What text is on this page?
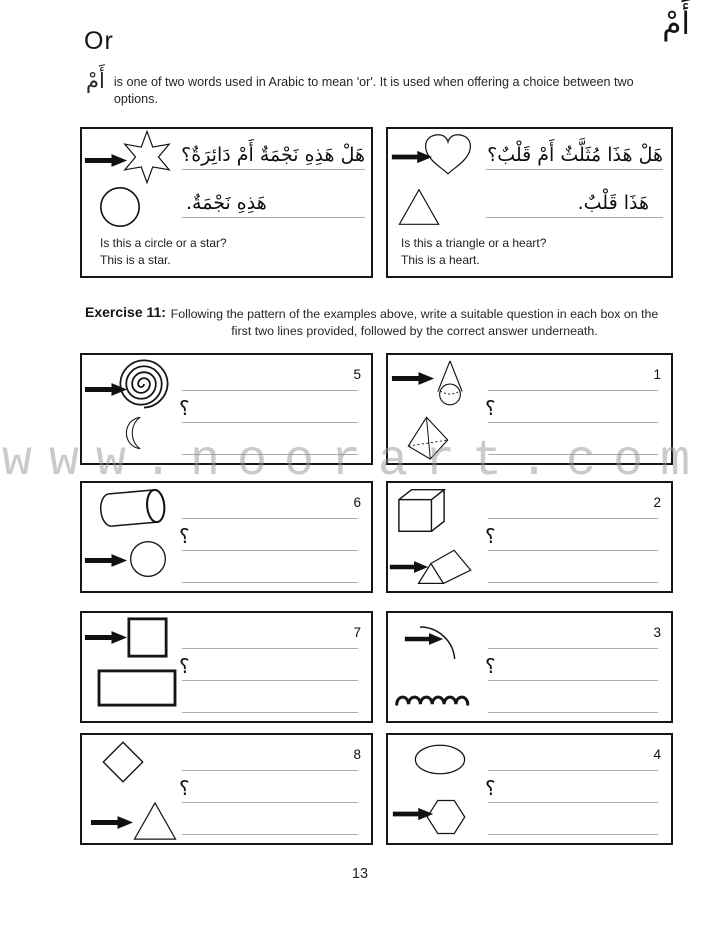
Or	أَمْ
أَمْ is one of two words used in Arabic to mean 'or'. It is used when offering a choice between two options.
هَلْ هَذِهِ نَجْمَةٌ أَمْ دَائِرَةٌ؟
هَذِهِ نَجْمَةٌ.
Is this a circle or a star?
This is a star.
هَلْ هَذَا مُثَلَّثٌ أَمْ قَلْبٌ؟
هَذَا قَلْبٌ.
Is this a triangle or a heart?
This is a heart.
Exercise 11: Following the pattern of the examples above, write a suitable question in each box on the first two lines provided, followed by the correct answer underneath.
5
؟
1
؟
6
؟
2
؟
7
؟
3
؟
8
؟
4
؟
www.noorart.com
13
